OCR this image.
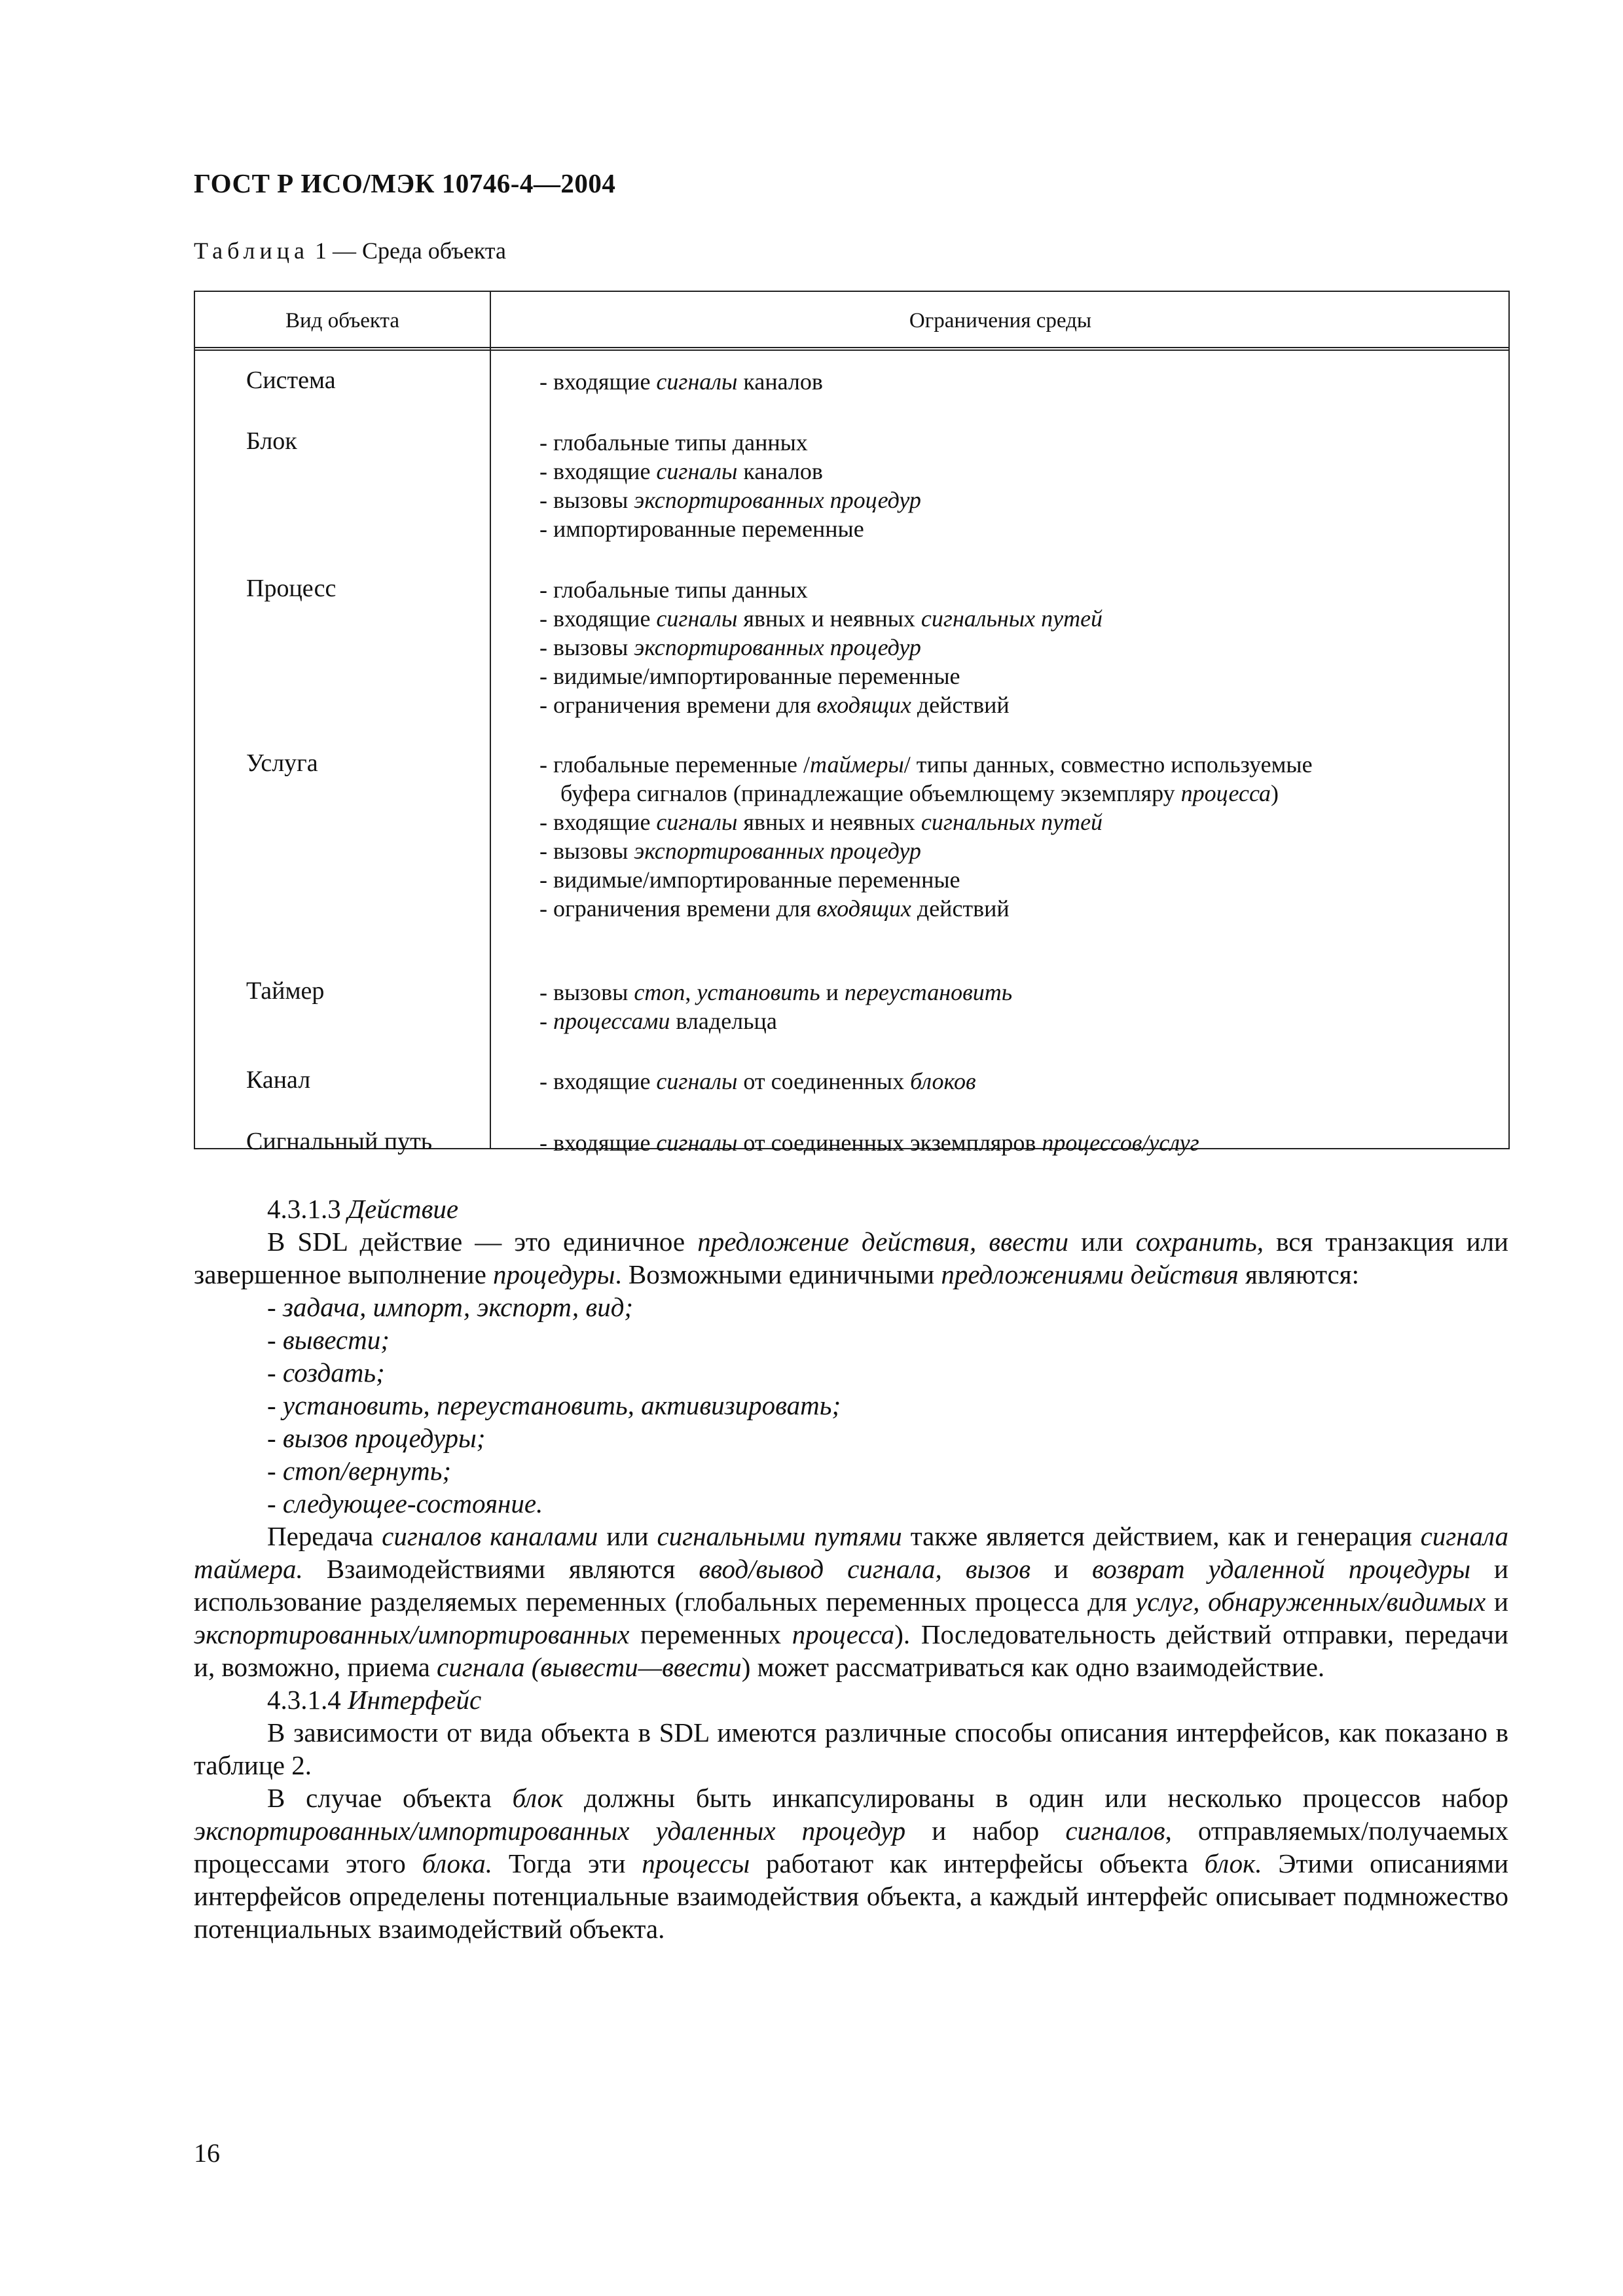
ГОСТ Р ИСО/МЭК 10746-4—2004
Таблица 1 — Среда объекта
Вид объекта	Ограничения среды
Система	- входящие сигналы каналов
Блок	- глобальные типы данных
- входящие сигналы каналов
- вызовы экспортированных процедур
- импортированные переменные
Процесс	- глобальные типы данных
- входящие сигналы явных и неявных сигнальных путей
- вызовы экспортированных процедур
- видимые/импортированные переменные
- ограничения времени для входящих действий
Услуга	- глобальные переменные /таймеры/ типы данных, совместно используемые
буфера сигналов (принадлежащие объемлющему экземпляру процесса)
- входящие сигналы явных и неявных сигнальных путей
- вызовы экспортированных процедур
- видимые/импортированные переменные
- ограничения времени для входящих действий
Таймер	- вызовы стоп, установить и переустановить
- процессами владельца
Канал	- входящие сигналы от соединенных блоков
Сигнальный путь	- входящие сигналы от соединенных экземпляров процессов/услуг

4.3.1.3 Действие

В SDL действие — это единичное предложение действия, ввести или сохранить, вся транзакция или завершенное выполнение процедуры. Возможными единичными предложениями действия являются:

- задача, импорт, экспорт, вид;

- вывести;

- создать;

- установить, переустановить, активизировать;

- вызов процедуры;

- стоп/вернуть;

- следующее-состояние.

Передача сигналов каналами или сигнальными путями также является действием, как и генерация сигнала таймера. Взаимодействиями являются ввод/вывод сигнала, вызов и возврат удаленной процедуры и использование разделяемых переменных (глобальных переменных процесса для услуг, обнаруженных/видимых и экспортированных/импортированных переменных процесса). Последовательность действий отправки, передачи и, возможно, приема сигнала (вывести—ввести) может рассматриваться как одно взаимодействие.

4.3.1.4 Интерфейс

В зависимости от вида объекта в SDL имеются различные способы описания интерфейсов, как показано в таблице 2.

В случае объекта блок должны быть инкапсулированы в один или несколько процессов набор экспортированных/импортированных удаленных процедур и набор сигналов, отправляемых/получаемых процессами этого блока. Тогда эти процессы работают как интерфейсы объекта блок. Этими описаниями интерфейсов определены потенциальные взаимодействия объекта, а каждый интерфейс описывает подмножество потенциальных взаимодействий объекта.

16
